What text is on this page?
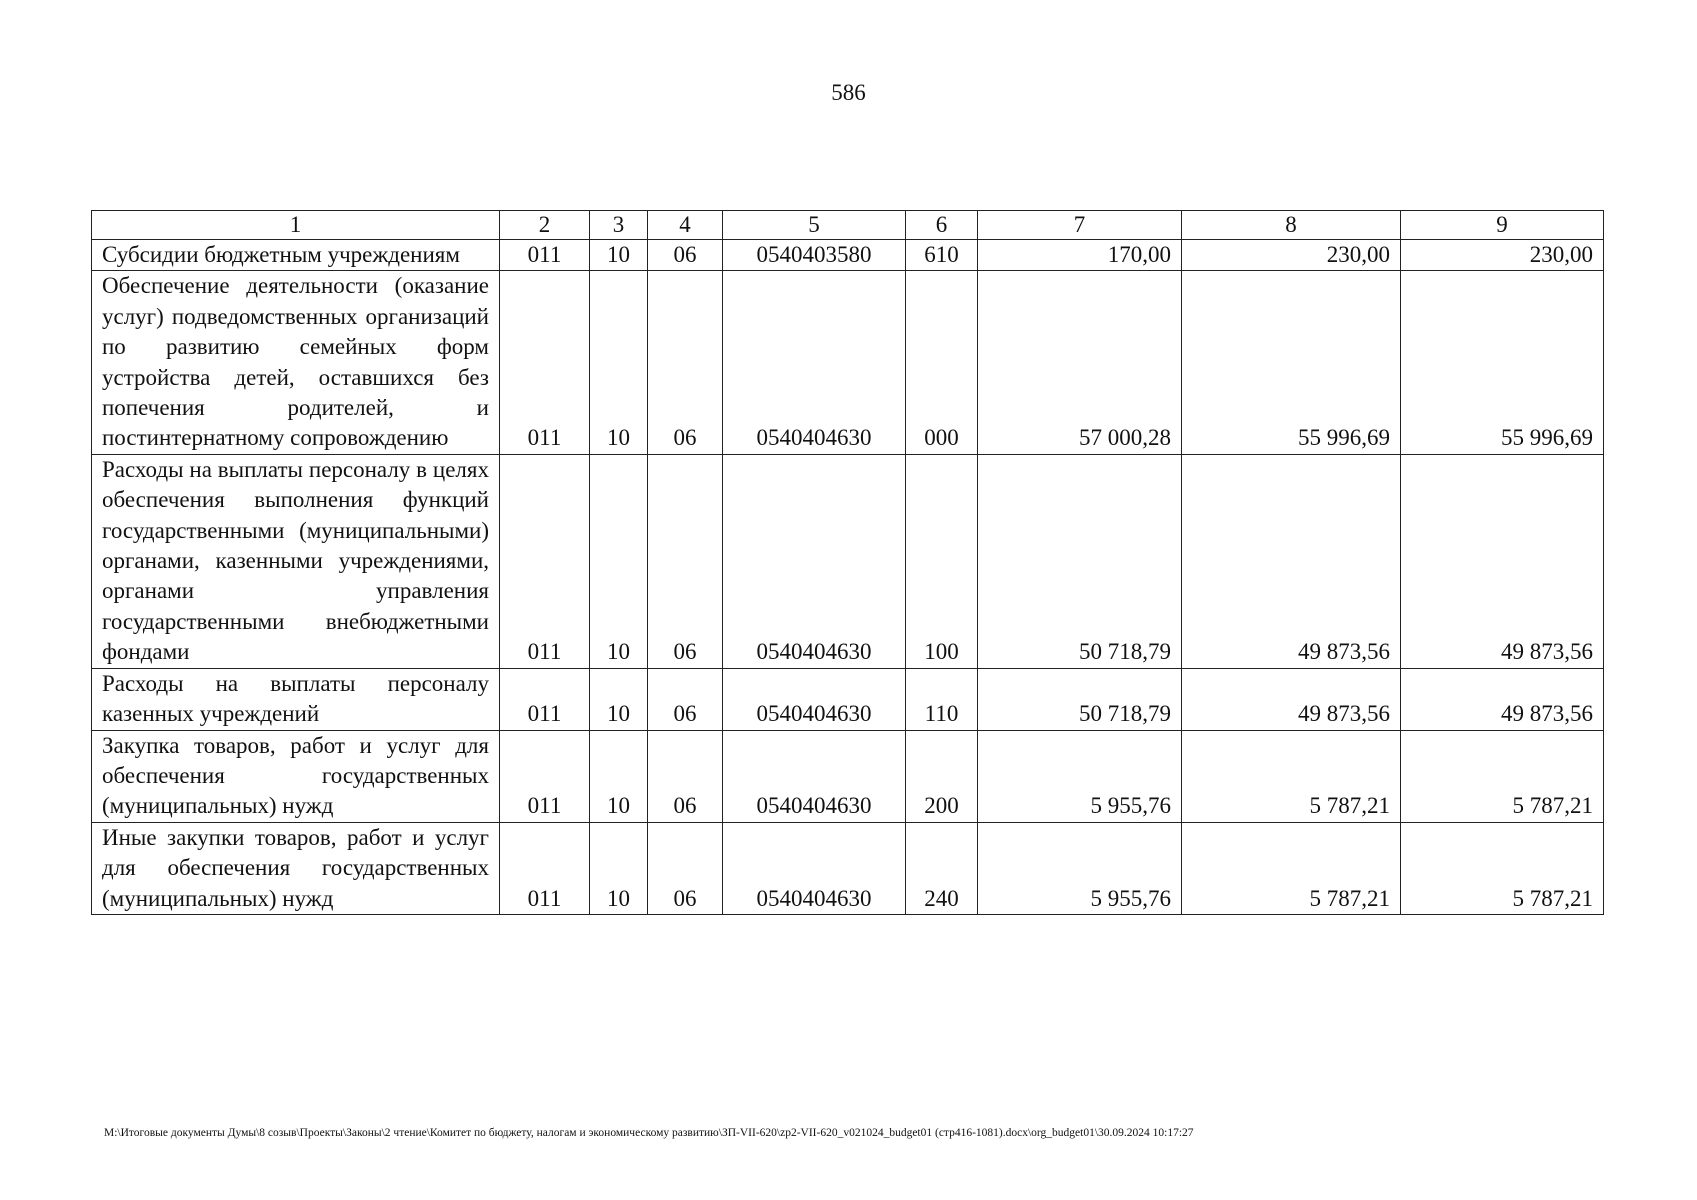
586
1	2	3	4	5	6	7	8	9
Субсидии бюджетным учреждениям	011	10	06	0540403580	610	170,00	230,00	230,00
Обеспечение деятельности (оказание услуг) подведомственных организаций по развитию семейных форм устройства детей, оставшихся без попечения родителей, и постинтернатному сопровождению	011	10	06	0540404630	000	57 000,28	55 996,69	55 996,69
Расходы на выплаты персоналу в целях обеспечения выполнения функций государственными (муниципальными) органами, казенными учреждениями, органами управления государственными внебюджетными фондами	011	10	06	0540404630	100	50 718,79	49 873,56	49 873,56
Расходы на выплаты персоналу казенных учреждений	011	10	06	0540404630	110	50 718,79	49 873,56	49 873,56
Закупка товаров, работ и услуг для обеспечения государственных (муниципальных) нужд	011	10	06	0540404630	200	5 955,76	5 787,21	5 787,21
Иные закупки товаров, работ и услуг для обеспечения государственных (муниципальных) нужд	011	10	06	0540404630	240	5 955,76	5 787,21	5 787,21
М:\Итоговые документы Думы\8 созыв\Проекты\Законы\2 чтение\Комитет по бюджету, налогам и экономическому развитию\ЗП-VII-620\zp2-VII-620_v021024_budget01 (стр416-1081).docx\org_budget01\30.09.2024 10:17:27
